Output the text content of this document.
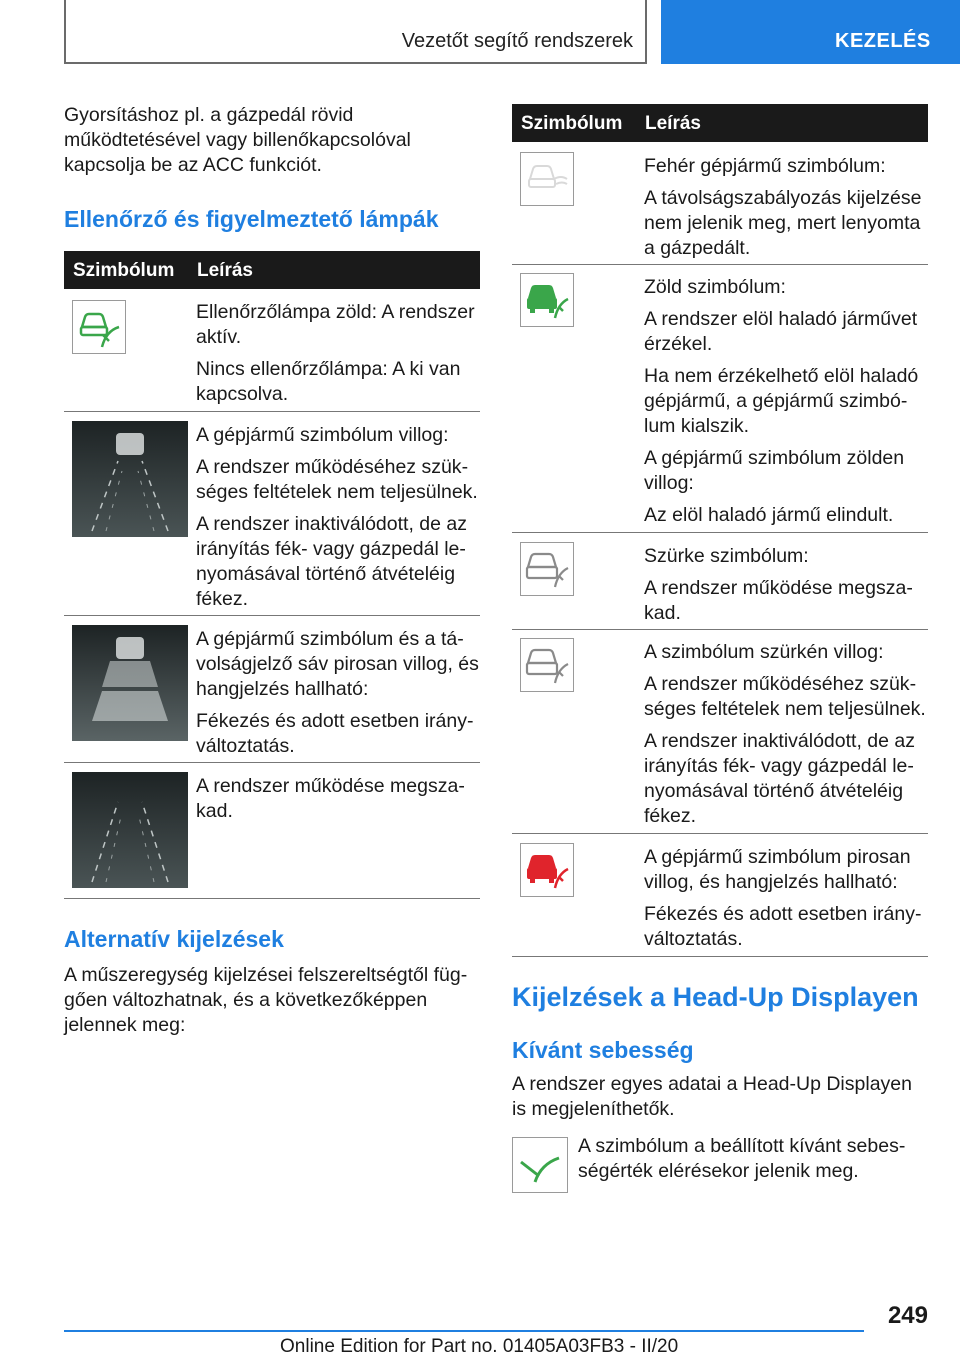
Vezetőt segítő rendszerek	KEZELÉS
Gyorsításhoz pl. a gázpedál rövid működtetésével vagy billenőkapcsolóval kapcsolja be az ACC funkciót.
Ellenőrző és figyelmeztető lámpák
Szimbólum Leírás

Ellenőrzőlámpa zöld: A rendszer aktív.

Nincs ellenőrzőlámpa: A ki van kapcsolva.

A gépjármű szimbólum villog:

A rendszer működéséhez szükséges feltételek nem teljesülnek.

A rendszer inaktiválódott, de az irányítás fék- vagy gázpedál lenyomásával történő átvételéig fékez.

A gépjármű szimbólum és a távolságjelző sáv pirosan villog, és hangjelzés hallható:

Fékezés és adott esetben irányváltoztatás.

A rendszer működése megszakad.

Alternatív kijelzések
A műszeregység kijelzései felszereltségtől függően változhatnak, és a következőképpen jelennek meg:
Szimbólum Leírás

Fehér gépjármű szimbólum:

A távolságszabályozás kijelzése nem jelenik meg, mert lenyomta a gázpedált.

Zöld szimbólum:

A rendszer elöl haladó járművet érzékel.

Ha nem érzékelhető elöl haladó gépjármű, a gépjármű szimbólum kialszik.

A gépjármű szimbólum zölden villog:

Az elöl haladó jármű elindult.

Szürke szimbólum:

A rendszer működése megszakad.

A szimbólum szürkén villog:

A rendszer működéséhez szükséges feltételek nem teljesülnek.

A rendszer inaktiválódott, de az irányítás fék- vagy gázpedál lenyomásával történő átvételéig fékez.

A gépjármű szimbólum pirosan villog, és hangjelzés hallható:

Fékezés és adott esetben irányváltoztatás.

Kijelzések a Head-Up Displayen
Kívánt sebesség
A rendszer egyes adatai a Head-Up Displayen is megjeleníthetők.
A szimbólum a beállított kívánt sebességérték elérésekor jelenik meg.
249
Online Edition for Part no. 01405A03FB3 - II/20
